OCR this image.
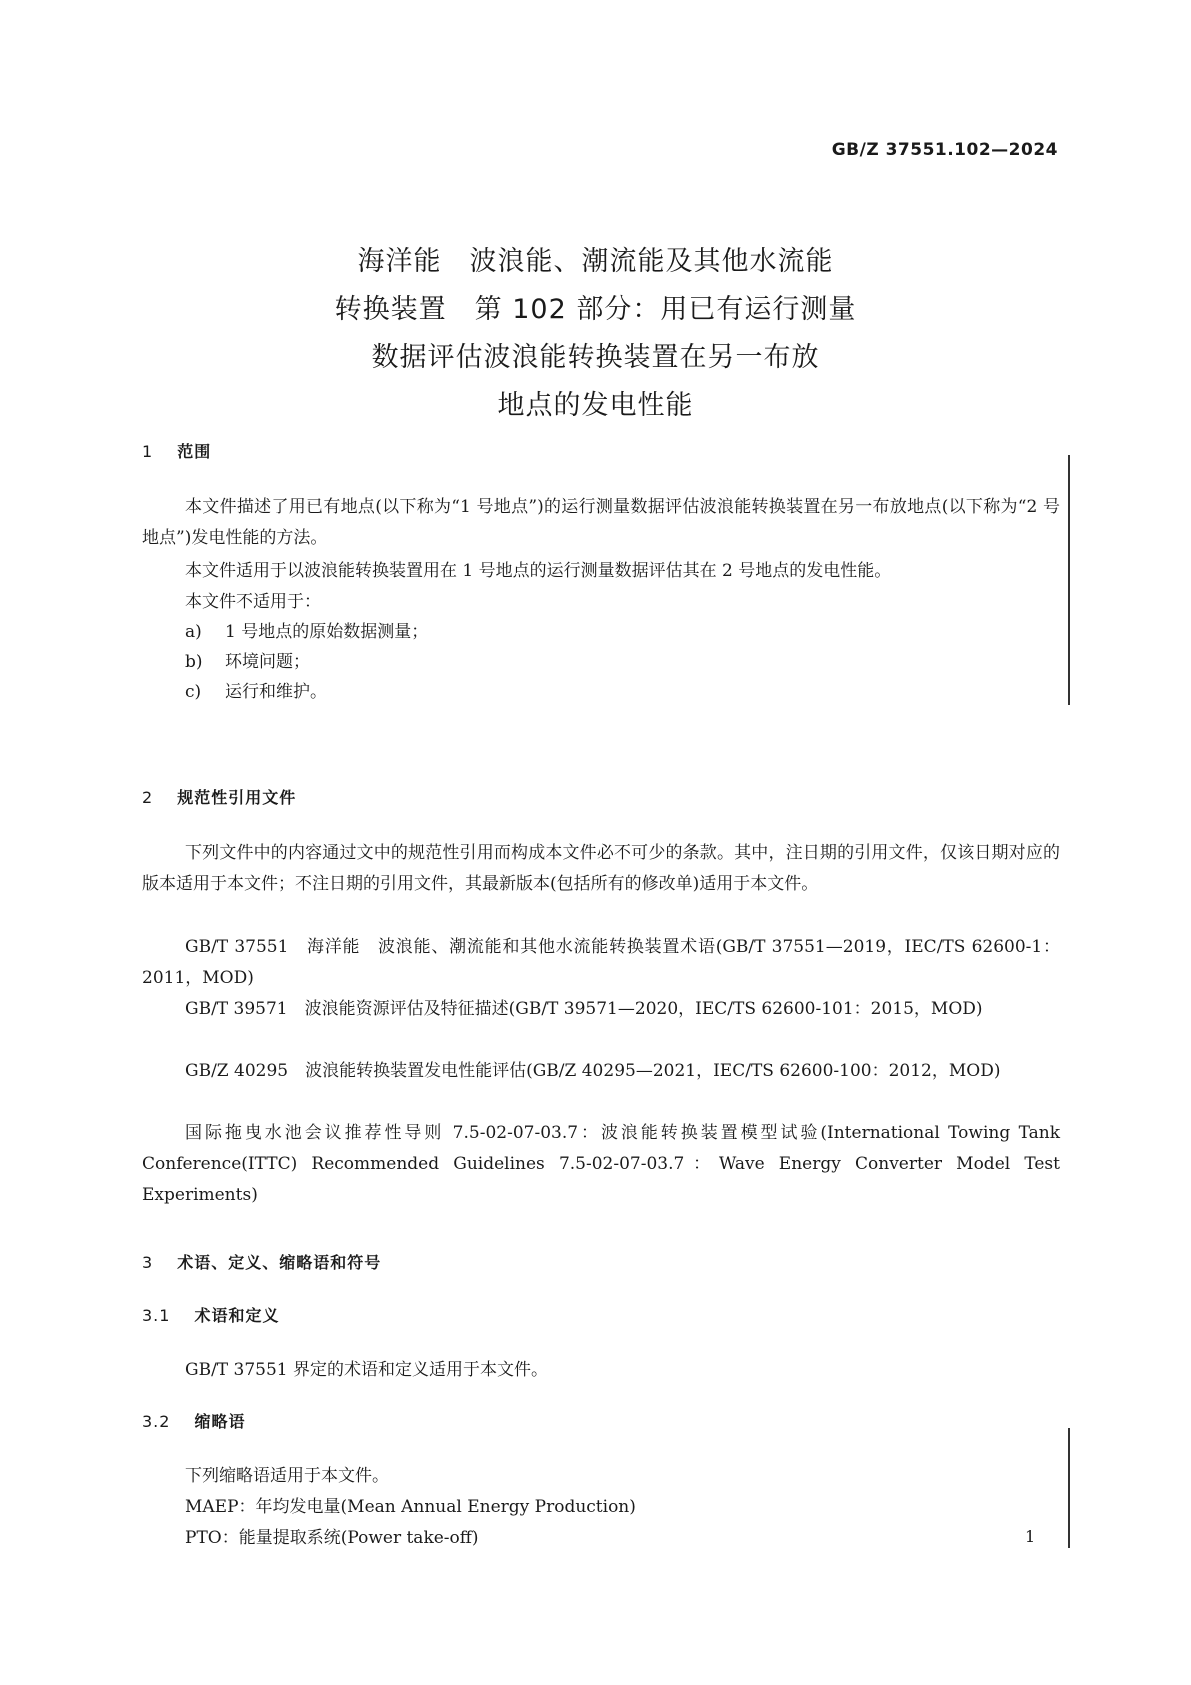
GB/Z 37551.102—2024
海洋能　波浪能、潮流能及其他水流能
转换装置　第 102 部分：用已有运行测量
数据评估波浪能转换装置在另一布放
地点的发电性能
1 范围
本文件描述了用已有地点(以下称为“1 号地点”)的运行测量数据评估波浪能转换装置在另一布放地点(以下称为“2 号地点”)发电性能的方法。
本文件适用于以波浪能转换装置用在 1 号地点的运行测量数据评估其在 2 号地点的发电性能。
本文件不适用于：
a) 1 号地点的原始数据测量；
b) 环境问题；
c) 运行和维护。
2 规范性引用文件
下列文件中的内容通过文中的规范性引用而构成本文件必不可少的条款。其中，注日期的引用文件，仅该日期对应的版本适用于本文件；不注日期的引用文件，其最新版本(包括所有的修改单)适用于本文件。
GB/T 37551　海洋能　波浪能、潮流能和其他水流能转换装置术语(GB/T 37551—2019，IEC/TS 62600-1：2011，MOD)
GB/T 39571　波浪能资源评估及特征描述(GB/T 39571—2020，IEC/TS 62600-101：2015，MOD)
GB/Z 40295　波浪能转换装置发电性能评估(GB/Z 40295—2021，IEC/TS 62600-100：2012，MOD)
国际拖曳水池会议推荐性导则 7.5-02-07-03.7：波浪能转换装置模型试验(International Towing Tank Conference(ITTC) Recommended Guidelines 7.5-02-07-03.7：Wave Energy Converter Model Test Experiments)
3 术语、定义、缩略语和符号
3.1 术语和定义
GB/T 37551 界定的术语和定义适用于本文件。
3.2 缩略语
下列缩略语适用于本文件。
MAEP：年均发电量(Mean Annual Energy Production)
PTO：能量提取系统(Power take-off)	1
